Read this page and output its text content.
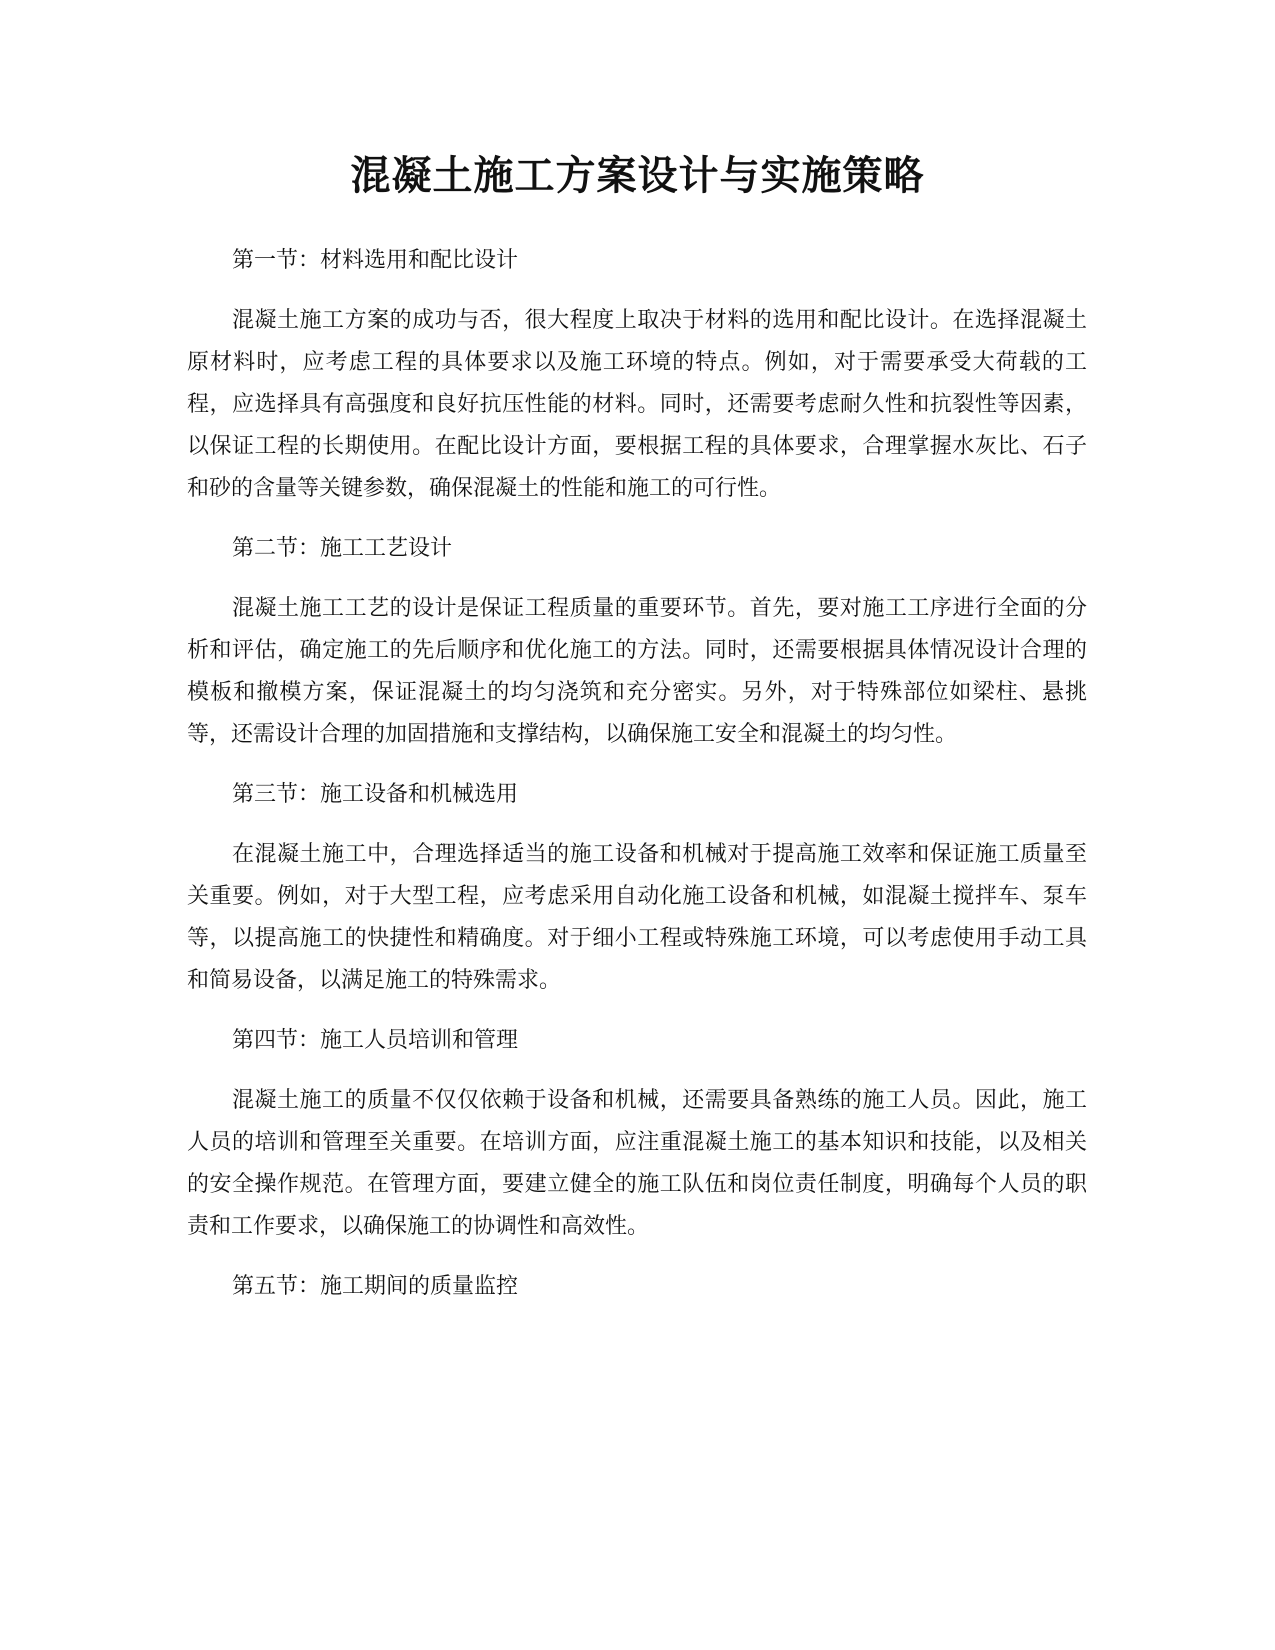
混凝土施工方案设计与实施策略

第一节：材料选用和配比设计

混凝土施工方案的成功与否，很大程度上取决于材料的选用和配比设计。在选择混凝土原材料时，应考虑工程的具体要求以及施工环境的特点。例如，对于需要承受大荷载的工程，应选择具有高强度和良好抗压性能的材料。同时，还需要考虑耐久性和抗裂性等因素，以保证工程的长期使用。在配比设计方面，要根据工程的具体要求，合理掌握水灰比、石子和砂的含量等关键参数，确保混凝土的性能和施工的可行性。

第二节：施工工艺设计

混凝土施工工艺的设计是保证工程质量的重要环节。首先，要对施工工序进行全面的分析和评估，确定施工的先后顺序和优化施工的方法。同时，还需要根据具体情况设计合理的模板和撤模方案，保证混凝土的均匀浇筑和充分密实。另外，对于特殊部位如梁柱、悬挑等，还需设计合理的加固措施和支撑结构，以确保施工安全和混凝土的均匀性。

第三节：施工设备和机械选用

在混凝土施工中，合理选择适当的施工设备和机械对于提高施工效率和保证施工质量至关重要。例如，对于大型工程，应考虑采用自动化施工设备和机械，如混凝土搅拌车、泵车等，以提高施工的快捷性和精确度。对于细小工程或特殊施工环境，可以考虑使用手动工具和简易设备，以满足施工的特殊需求。

第四节：施工人员培训和管理

混凝土施工的质量不仅仅依赖于设备和机械，还需要具备熟练的施工人员。因此，施工人员的培训和管理至关重要。在培训方面，应注重混凝土施工的基本知识和技能，以及相关的安全操作规范。在管理方面，要建立健全的施工队伍和岗位责任制度，明确每个人员的职责和工作要求，以确保施工的协调性和高效性。

第五节：施工期间的质量监控
